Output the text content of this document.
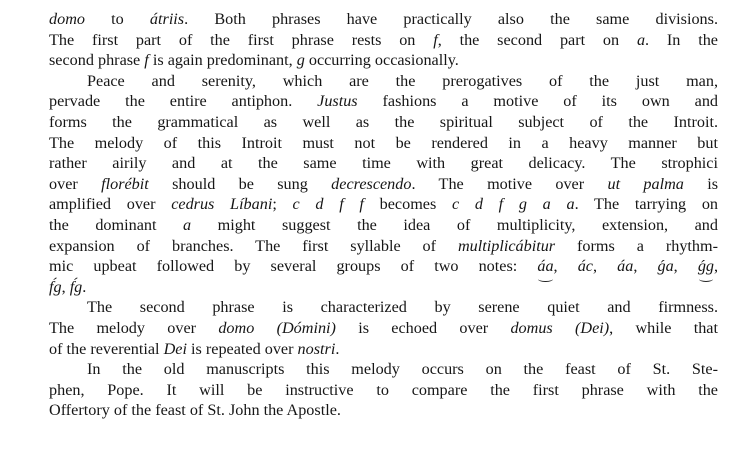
domo to átriis. Both phrases have practically also the same divisions.
The first part of the first phrase rests on f, the second part on a. In the
second phrase f is again predominant, g occurring occasionally.
Peace and serenity, which are the prerogatives of the just man,
pervade the entire antiphon. Justus fashions a motive of its own and
forms the grammatical as well as the spiritual subject of the Introit.
The melody of this Introit must not be rendered in a heavy manner but
rather airily and at the same time with great delicacy. The strophici
over florébit should be sung decrescendo. The motive over ut palma is
amplified over cedrus Líbani; c d f f becomes c d f g a a. The tarrying on
the dominant a might suggest the idea of multiplicity, extension, and
expansion of branches. The first syllable of multiplicábitur forms a rhythm-
mic upbeat followed by several groups of two notes: áa, ác, áa, ǵa, ǵg,
f́g, f́g.
The second phrase is characterized by serene quiet and firmness.
The melody over domo (Dómini) is echoed over domus (Dei), while that
of the reverential Dei is repeated over nostri.
In the old manuscripts this melody occurs on the feast of St. Ste-
phen, Pope. It will be instructive to compare the first phrase with the
Offertory of the feast of St. John the Apostle.
